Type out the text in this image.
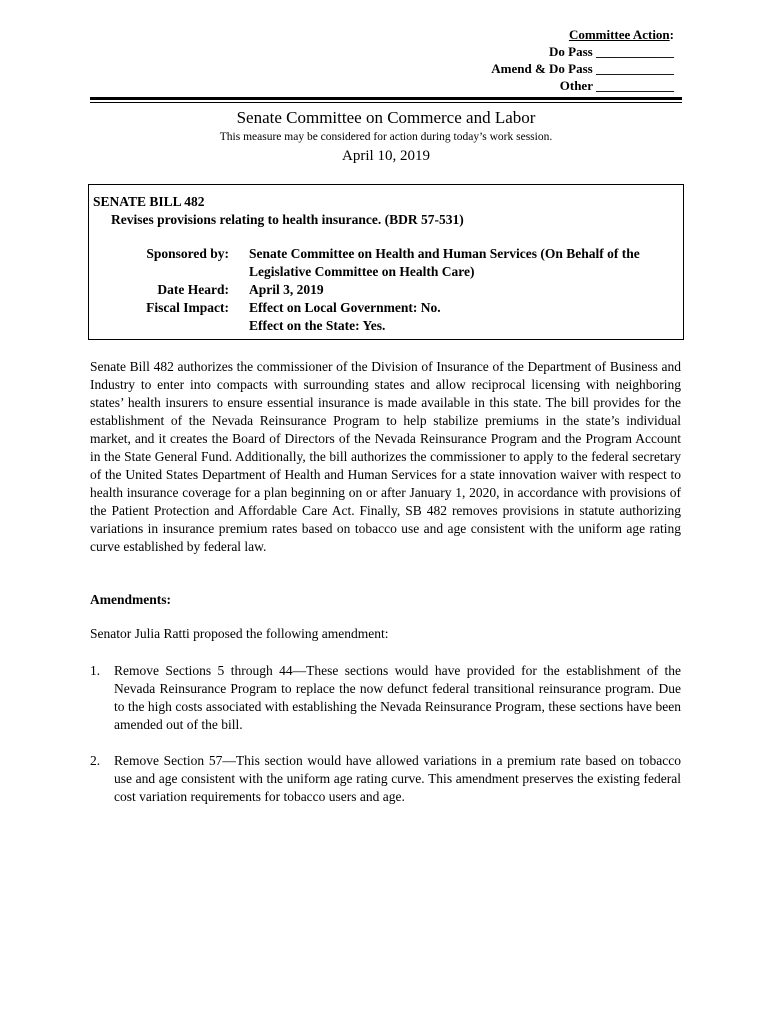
Committee Action:
Do Pass ____________
Amend & Do Pass ____________
Other ____________
Senate Committee on Commerce and Labor
This measure may be considered for action during today’s work session.
April 10, 2019
SENATE BILL 482
Revises provisions relating to health insurance. (BDR 57-531)
Sponsored by: Senate Committee on Health and Human Services (On Behalf of the Legislative Committee on Health Care)
Date Heard: April 3, 2019
Fiscal Impact: Effect on Local Government: No.
Effect on the State: Yes.
Senate Bill 482 authorizes the commissioner of the Division of Insurance of the Department of Business and Industry to enter into compacts with surrounding states and allow reciprocal licensing with neighboring states’ health insurers to ensure essential insurance is made available in this state. The bill provides for the establishment of the Nevada Reinsurance Program to help stabilize premiums in the state’s individual market, and it creates the Board of Directors of the Nevada Reinsurance Program and the Program Account in the State General Fund. Additionally, the bill authorizes the commissioner to apply to the federal secretary of the United States Department of Health and Human Services for a state innovation waiver with respect to health insurance coverage for a plan beginning on or after January 1, 2020, in accordance with provisions of the Patient Protection and Affordable Care Act. Finally, SB 482 removes provisions in statute authorizing variations in insurance premium rates based on tobacco use and age consistent with the uniform age rating curve established by federal law.
Amendments:
Senator Julia Ratti proposed the following amendment:
1.	Remove Sections 5 through 44—These sections would have provided for the establishment of the Nevada Reinsurance Program to replace the now defunct federal transitional reinsurance program. Due to the high costs associated with establishing the Nevada Reinsurance Program, these sections have been amended out of the bill.
2.	Remove Section 57—This section would have allowed variations in a premium rate based on tobacco use and age consistent with the uniform age rating curve. This amendment preserves the existing federal cost variation requirements for tobacco users and age.
